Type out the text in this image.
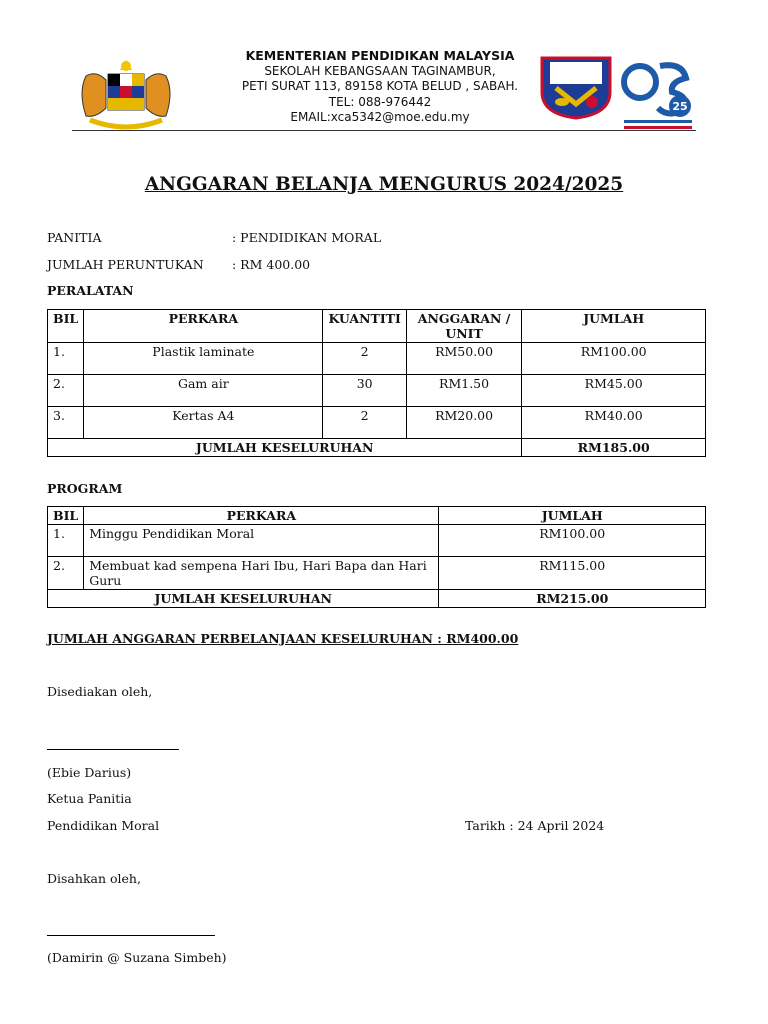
KEMENTERIAN PENDIDIKAN MALAYSIA
SEKOLAH KEBANGSAAN TAGINAMBUR,
PETI SURAT 113, 89158 KOTA BELUD , SABAH.
TEL: 088-976442
EMAIL:xca5342@moe.edu.my
25
ANGGARAN BELANJA MENGURUS 2024/2025
PANITIA	: PENDIDIKAN MORAL
JUMLAH PERUNTUKAN : RM 400.00
PERALATAN
BIL	PERKARA	KUANTITI	ANGGARAN / UNIT	JUMLAH
1.	Plastik laminate	2	RM50.00	RM100.00
2.	Gam air	30	RM1.50	RM45.00
3.	Kertas A4	2	RM20.00	RM40.00
JUMLAH KESELURUHAN				RM185.00
PROGRAM
BIL	PERKARA	JUMLAH
1.	Minggu Pendidikan Moral	RM100.00
2.	Membuat kad sempena Hari Ibu, Hari Bapa dan Hari Guru	RM115.00
JUMLAH KESELURUHAN		RM215.00
JUMLAH ANGGARAN PERBELANJAAN KESELURUHAN : RM400.00
Disediakan oleh,
(Ebie Darius)
Ketua Panitia
Pendidikan Moral	Tarikh : 24 April 2024
Disahkan oleh,
(Damirin @ Suzana Simbeh)
